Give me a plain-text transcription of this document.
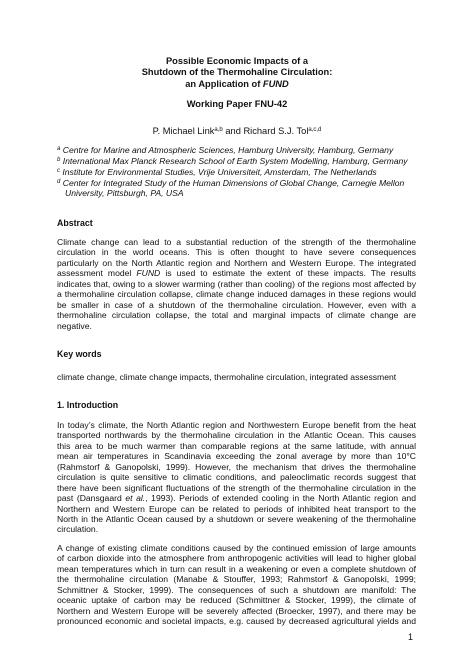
Possible Economic Impacts of a
Shutdown of the Thermohaline Circulation:
an Application of FUND
Working Paper FNU-42
P. Michael Link$^{a,b}$ and Richard S.J. Tol$^{a,c,d}$
$^a$ Centre for Marine and Atmospheric Sciences, Hamburg University, Hamburg, Germany
$^b$ International Max Planck Research School of Earth System Modelling, Hamburg, Germany
$^c$ Institute for Environmental Studies, Vrije Universiteit, Amsterdam, The Netherlands
$^d$ Center for Integrated Study of the Human Dimensions of Global Change, Carnegie Mellon
University, Pittsburgh, PA, USA
Abstract
Climate change can lead to a substantial reduction of the strength of the thermohaline
circulation in the world oceans. This is often thought to have severe consequences
particularly on the North Atlantic region and Northern and Western Europe. The integrated
assessment model FUND is used to estimate the extent of these impacts. The results
indicates that, owing to a slower warming (rather than cooling) of the regions most affected by
a thermohaline circulation collapse, climate change induced damages in these regions would
be smaller in case of a shutdown of the thermohaline circulation. However, even with a
thermohaline circulation collapse, the total and marginal impacts of climate change are
negative.
Key words
climate change, climate change impacts, thermohaline circulation, integrated assessment
1. Introduction
In today’s climate, the North Atlantic region and Northwestern Europe benefit from the heat
transported northwards by the thermohaline circulation in the Atlantic Ocean. This causes
this area to be much warmer than comparable regions at the same latitude, with annual
mean air temperatures in Scandinavia exceeding the zonal average by more than 10°C
(Rahmstorf & Ganopolski, 1999). However, the mechanism that drives the thermohaline
circulation is quite sensitive to climatic conditions, and paleoclimatic records suggest that
there have been significant fluctuations of the strength of the thermohaline circulation in the
past (Dansgaard et al., 1993). Periods of extended cooling in the North Atlantic region and
Northern and Western Europe can be related to periods of inhibited heat transport to the
North in the Atlantic Ocean caused by a shutdown or severe weakening of the thermohaline
circulation.
A change of existing climate conditions caused by the continued emission of large amounts
of carbon dioxide into the atmosphere from anthropogenic activities will lead to higher global
mean temperatures which in turn can result in a weakening or even a complete shutdown of
the thermohaline circulation (Manabe & Stouffer, 1993; Rahmstorf & Ganopolski, 1999;
Schmittner & Stocker, 1999). The consequences of such a shutdown are manifold: The
oceanic uptake of carbon may be reduced (Schmittner & Stocker, 1999), the climate of
Northern and Western Europe will be severely affected (Broecker, 1997), and there may be
pronounced economic and societal impacts, e.g. caused by decreased agricultural yields and
1
